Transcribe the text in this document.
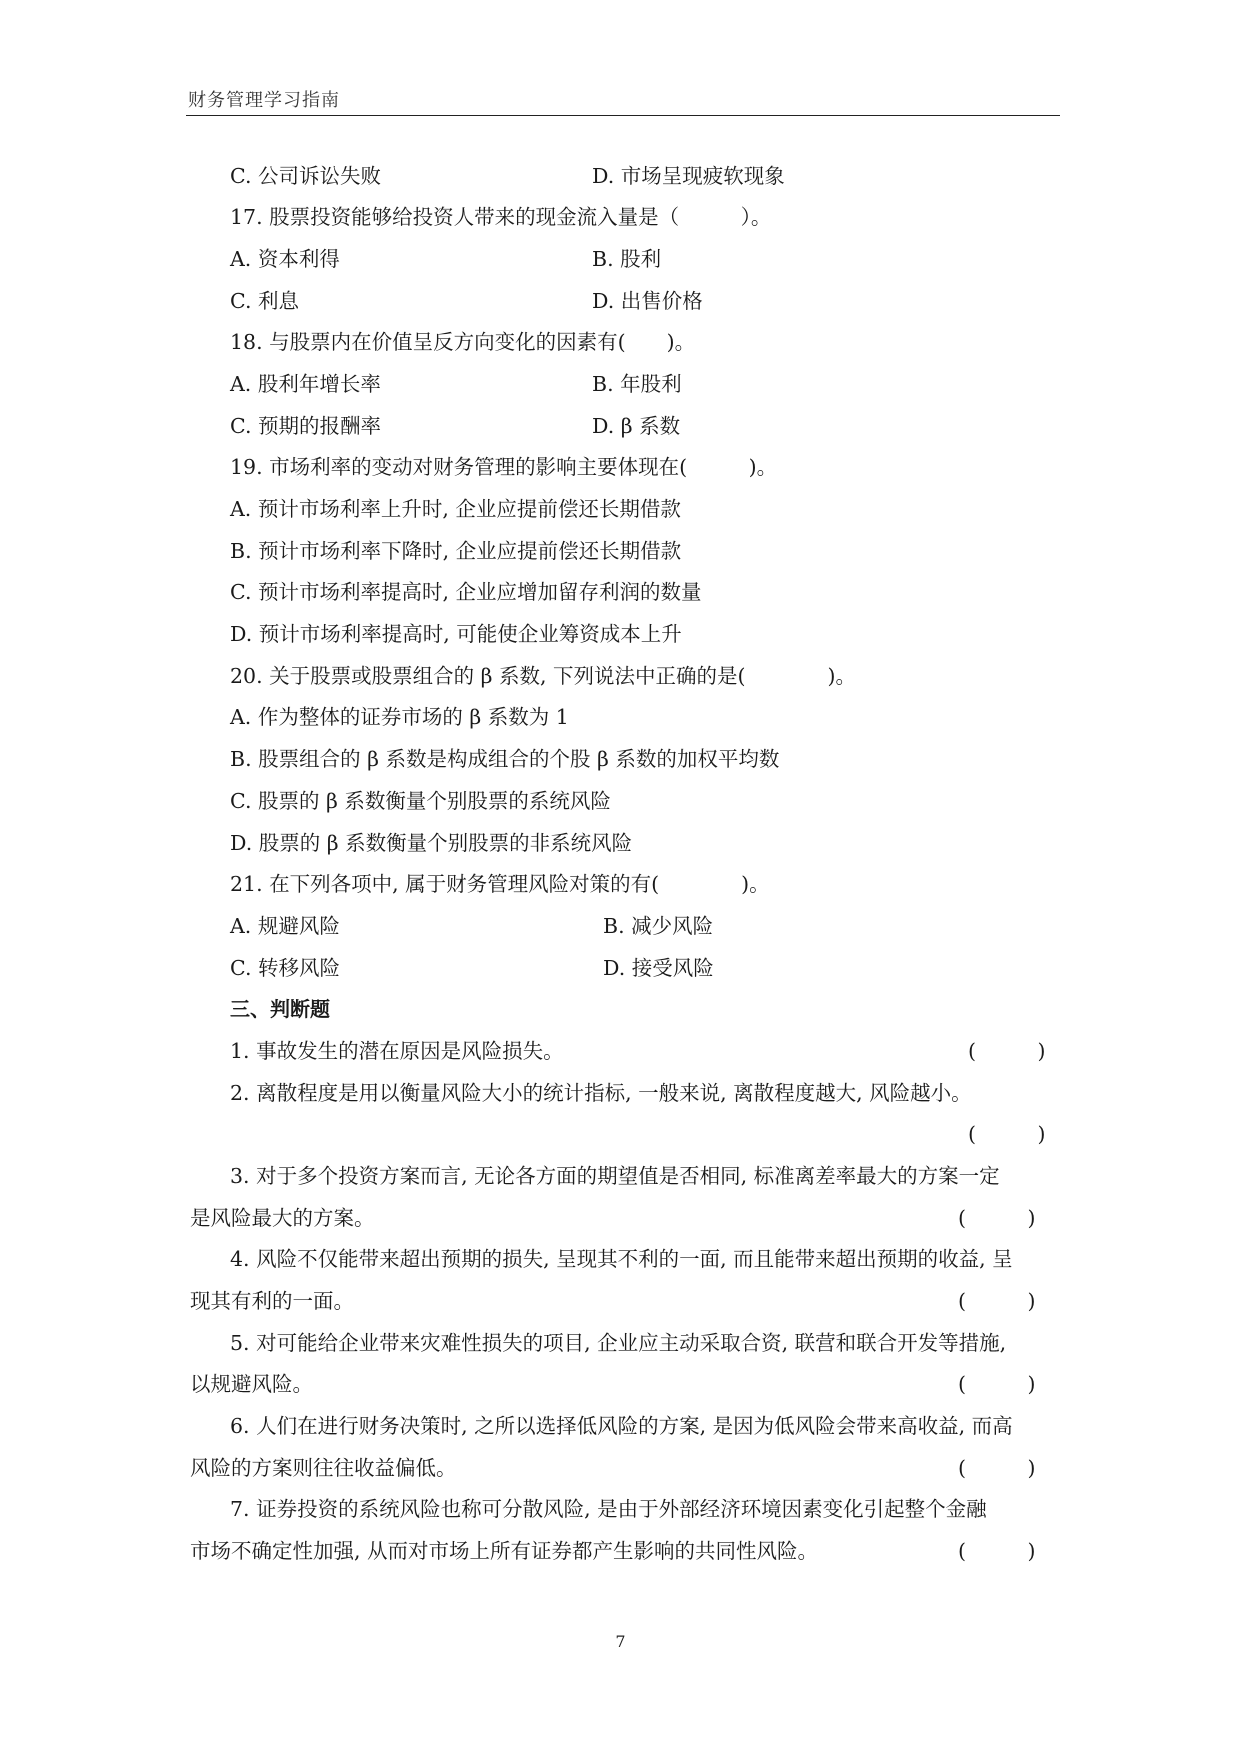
财务管理学习指南
C. 公司诉讼失败	D. 市场呈现疲软现象
17. 股票投资能够给投资人带来的现金流入量是（　　　）。
A. 资本利得	B. 股利
C. 利息	D. 出售价格
18. 与股票内在价值呈反方向变化的因素有(　　)。
A. 股利年增长率	B. 年股利
C. 预期的报酬率	D. β 系数
19. 市场利率的变动对财务管理的影响主要体现在(　　　)。
A. 预计市场利率上升时, 企业应提前偿还长期借款
B. 预计市场利率下降时, 企业应提前偿还长期借款
C. 预计市场利率提高时, 企业应增加留存利润的数量
D. 预计市场利率提高时, 可能使企业筹资成本上升
20. 关于股票或股票组合的 β 系数, 下列说法中正确的是(　　　　)。
A. 作为整体的证券市场的 β 系数为 1
B. 股票组合的 β 系数是构成组合的个股 β 系数的加权平均数
C. 股票的 β 系数衡量个别股票的系统风险
D. 股票的 β 系数衡量个别股票的非系统风险
21. 在下列各项中, 属于财务管理风险对策的有(　　　　)。
A. 规避风险	B. 减少风险
C. 转移风险	D. 接受风险
三、判断题
1. 事故发生的潜在原因是风险损失。	(　　　)
2. 离散程度是用以衡量风险大小的统计指标, 一般来说, 离散程度越大, 风险越小。
(　　　)
3. 对于多个投资方案而言, 无论各方面的期望值是否相同, 标准离差率最大的方案一定
是风险最大的方案。	(　　　)
4. 风险不仅能带来超出预期的损失, 呈现其不利的一面, 而且能带来超出预期的收益, 呈
现其有利的一面。	(　　　)
5. 对可能给企业带来灾难性损失的项目, 企业应主动采取合资, 联营和联合开发等措施,
以规避风险。	(　　　)
6. 人们在进行财务决策时, 之所以选择低风险的方案, 是因为低风险会带来高收益, 而高
风险的方案则往往收益偏低。	(　　　)
7. 证券投资的系统风险也称可分散风险, 是由于外部经济环境因素变化引起整个金融
市场不确定性加强, 从而对市场上所有证券都产生影响的共同性风险。	(　　　)
7
